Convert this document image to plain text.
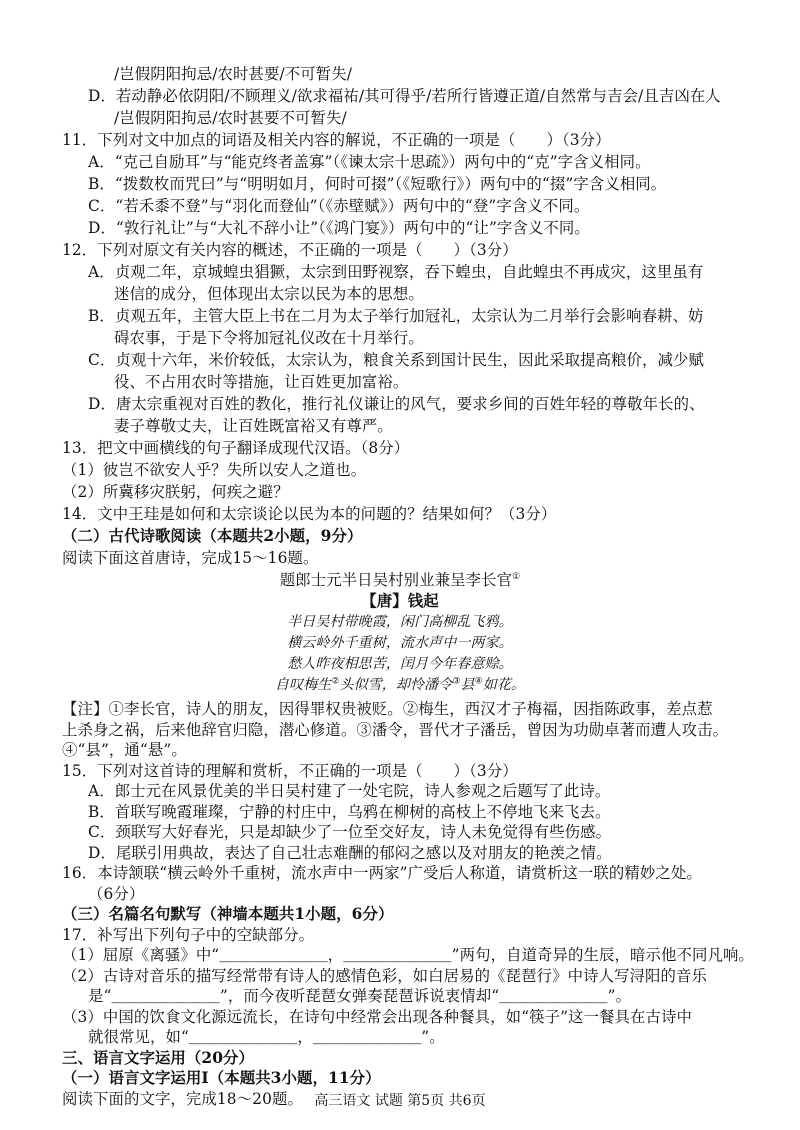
/岂假阴阳拘忌/农时甚要/不可暂失/
D．若动静必依阴阳/不顾理义/欲求福祐/其可得乎/若所行皆遵正道/自然常与吉会/且吉凶在人
/岂假阴阳拘忌/农时甚要不可暂失/
11．下列对文中加点的词语及相关内容的解说，不正确的一项是（　　）（3分）
A．“克己自励耳”与“能克终者盖寡”（《谏太宗十思疏》）两句中的“克”字含义相同。
B．“拨数枚而咒曰”与“明明如月，何时可掇”（《短歌行》）两句中的“掇”字含义相同。
C．“若禾黍不登”与“羽化而登仙”（《赤壁赋》）两句中的“登”字含义不同。
D．“敦行礼让”与“大礼不辞小让”（《鸿门宴》）两句中的“让”字含义不同。
12．下列对原文有关内容的概述，不正确的一项是（　　）（3分）
A．贞观二年，京城蝗虫猖獗，太宗到田野视察，吞下蝗虫，自此蝗虫不再成灾，这里虽有
迷信的成分，但体现出太宗以民为本的思想。
B．贞观五年，主管大臣上书在二月为太子举行加冠礼，太宗认为二月举行会影响春耕、妨
碍农事，于是下令将加冠礼仪改在十月举行。
C．贞观十六年，米价较低，太宗认为，粮食关系到国计民生，因此采取提高粮价，减少赋
役、不占用农时等措施，让百姓更加富裕。
D．唐太宗重视对百姓的教化，推行礼仪谦让的风气，要求乡间的百姓年轻的尊敬年长的、
妻子尊敬丈夫，让百姓既富裕又有尊严。
13．把文中画横线的句子翻译成现代汉语。（8分）
（1）彼岂不欲安人乎？失所以安人之道也。
（2）所冀移灾朕躬，何疾之避？
14．文中王珪是如何和太宗谈论以民为本的问题的？结果如何？（3分）
（二）古代诗歌阅读（本题共2小题，9分）
阅读下面这首唐诗，完成15～16题。
题郎士元半日吴村别业兼呈李长官①
【唐】钱起
半日吴村带晚霞，闲门高柳乱飞鸦。
横云岭外千重树，流水声中一两家。
愁人昨夜相思苦，闰月今年春意赊。
自叹梅生②头似雪，却怜潘令③县④如花。
【注】①李长官，诗人的朋友，因得罪权贵被贬。②梅生，西汉才子梅福，因指陈政事，差点惹
上杀身之祸，后来他辞官归隐，潜心修道。③潘令，晋代才子潘岳，曾因为功勋卓著而遭人攻击。
④“县”，通“悬”。
15．下列对这首诗的理解和赏析，不正确的一项是（　　）（3分）
A．郎士元在风景优美的半日吴村建了一处宅院，诗人参观之后题写了此诗。
B．首联写晚霞璀璨，宁静的村庄中，乌鸦在柳树的高枝上不停地飞来飞去。
C．颈联写大好春光，只是却缺少了一位至交好友，诗人未免觉得有些伤感。
D．尾联引用典故，表达了自己壮志难酬的郁闷之感以及对朋友的艳羡之情。
16．本诗颔联“横云岭外千重树，流水声中一两家”广受后人称道，请赏析这一联的精妙之处。
（6分）
（三）名篇名句默写（神墙本题共1小题，6分）
17．补写出下列句子中的空缺部分。
（1）屈原《离骚》中“＿＿＿＿＿＿＿，＿＿＿＿＿＿＿”两句，自道奇异的生辰，暗示他不同凡响。
（2）古诗对音乐的描写经常带有诗人的感情色彩，如白居易的《琵琶行》中诗人写浔阳的音乐
是“＿＿＿＿＿＿＿”，而今夜听琵琶女弹奏琵琶诉说衷情却“＿＿＿＿＿＿＿”。
（3）中国的饮食文化源远流长，在诗句中经常会出现各种餐具，如“筷子”这一餐具在古诗中
就很常见，如“＿＿＿＿＿＿＿，＿＿＿＿＿＿＿”。
三、语言文字运用（20分）
（一）语言文字运用Ⅰ（本题共3小题，11分）
阅读下面的文字，完成18～20题。 高三语文 试题 第5页 共6页
